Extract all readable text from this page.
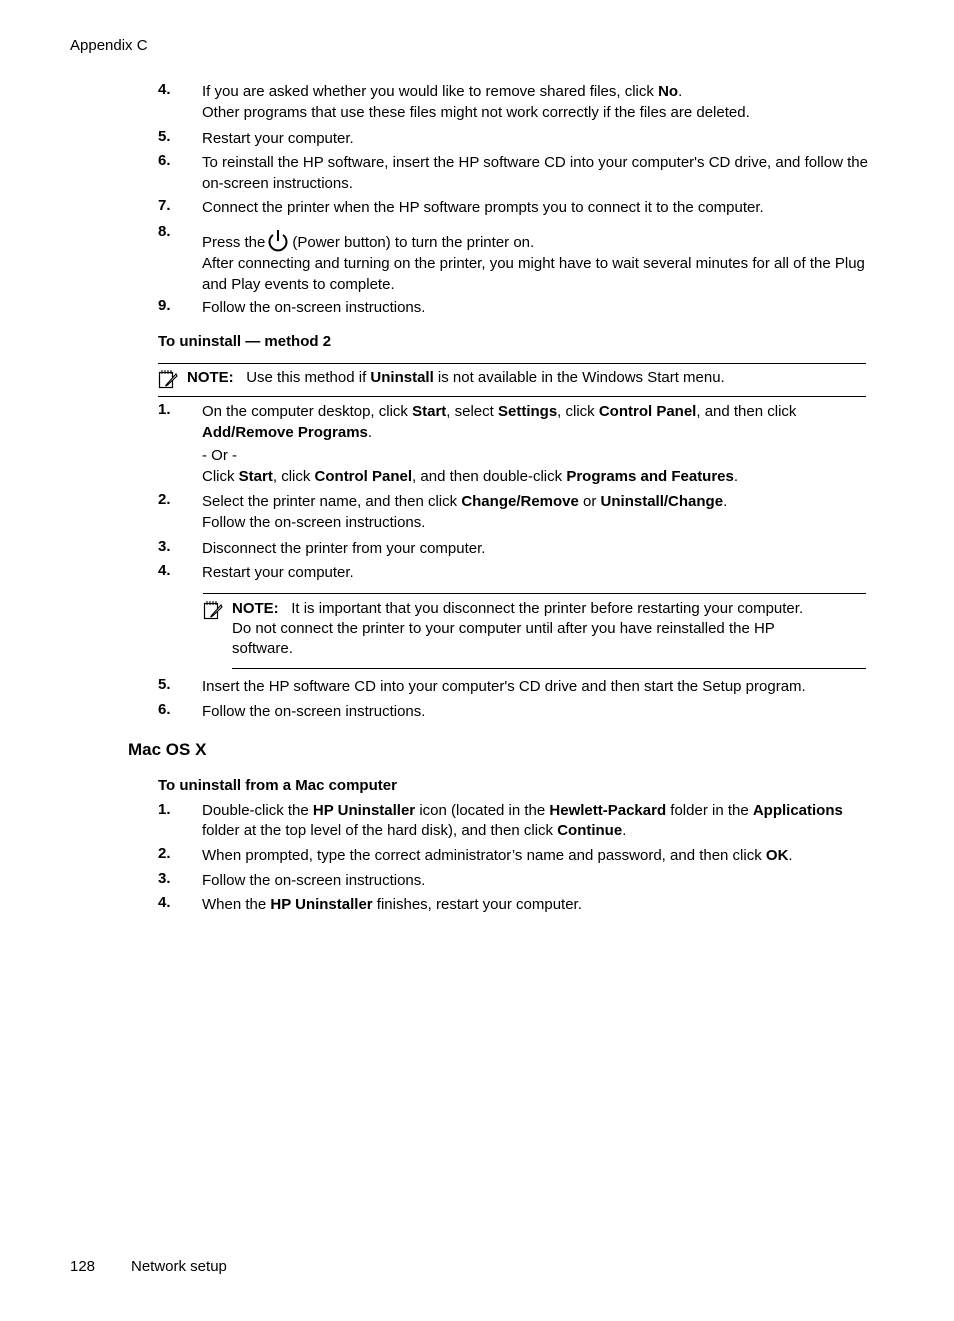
Appendix C
4. If you are asked whether you would like to remove shared files, click No.
Other programs that use these files might not work correctly if the files are deleted.
5. Restart your computer.
6. To reinstall the HP software, insert the HP software CD into your computer's CD drive, and follow the on-screen instructions.
7. Connect the printer when the HP software prompts you to connect it to the computer.
8.
Press the (Power button) to turn the printer on.
After connecting and turning on the printer, you might have to wait several minutes for all of the Plug and Play events to complete.
9. Follow the on-screen instructions.
To uninstall — method 2
NOTE: Use this method if Uninstall is not available in the Windows Start menu.
1. On the computer desktop, click Start, select Settings, click Control Panel, and then click Add/Remove Programs.
- Or -
Click Start, click Control Panel, and then double-click Programs and Features.
2. Select the printer name, and then click Change/Remove or Uninstall/Change.
Follow the on-screen instructions.
3. Disconnect the printer from your computer.
4. Restart your computer.
NOTE: It is important that you disconnect the printer before restarting your computer.
Do not connect the printer to your computer until after you have reinstalled the HP
software.
5. Insert the HP software CD into your computer's CD drive and then start the Setup program.
6. Follow the on-screen instructions.
Mac OS X
To uninstall from a Mac computer
1. Double-click the HP Uninstaller icon (located in the Hewlett-Packard folder in the Applications folder at the top level of the hard disk), and then click Continue.
2. When prompted, type the correct administrator’s name and password, and then click OK.
3. Follow the on-screen instructions.
4. When the HP Uninstaller finishes, restart your computer.
128 Network setup
